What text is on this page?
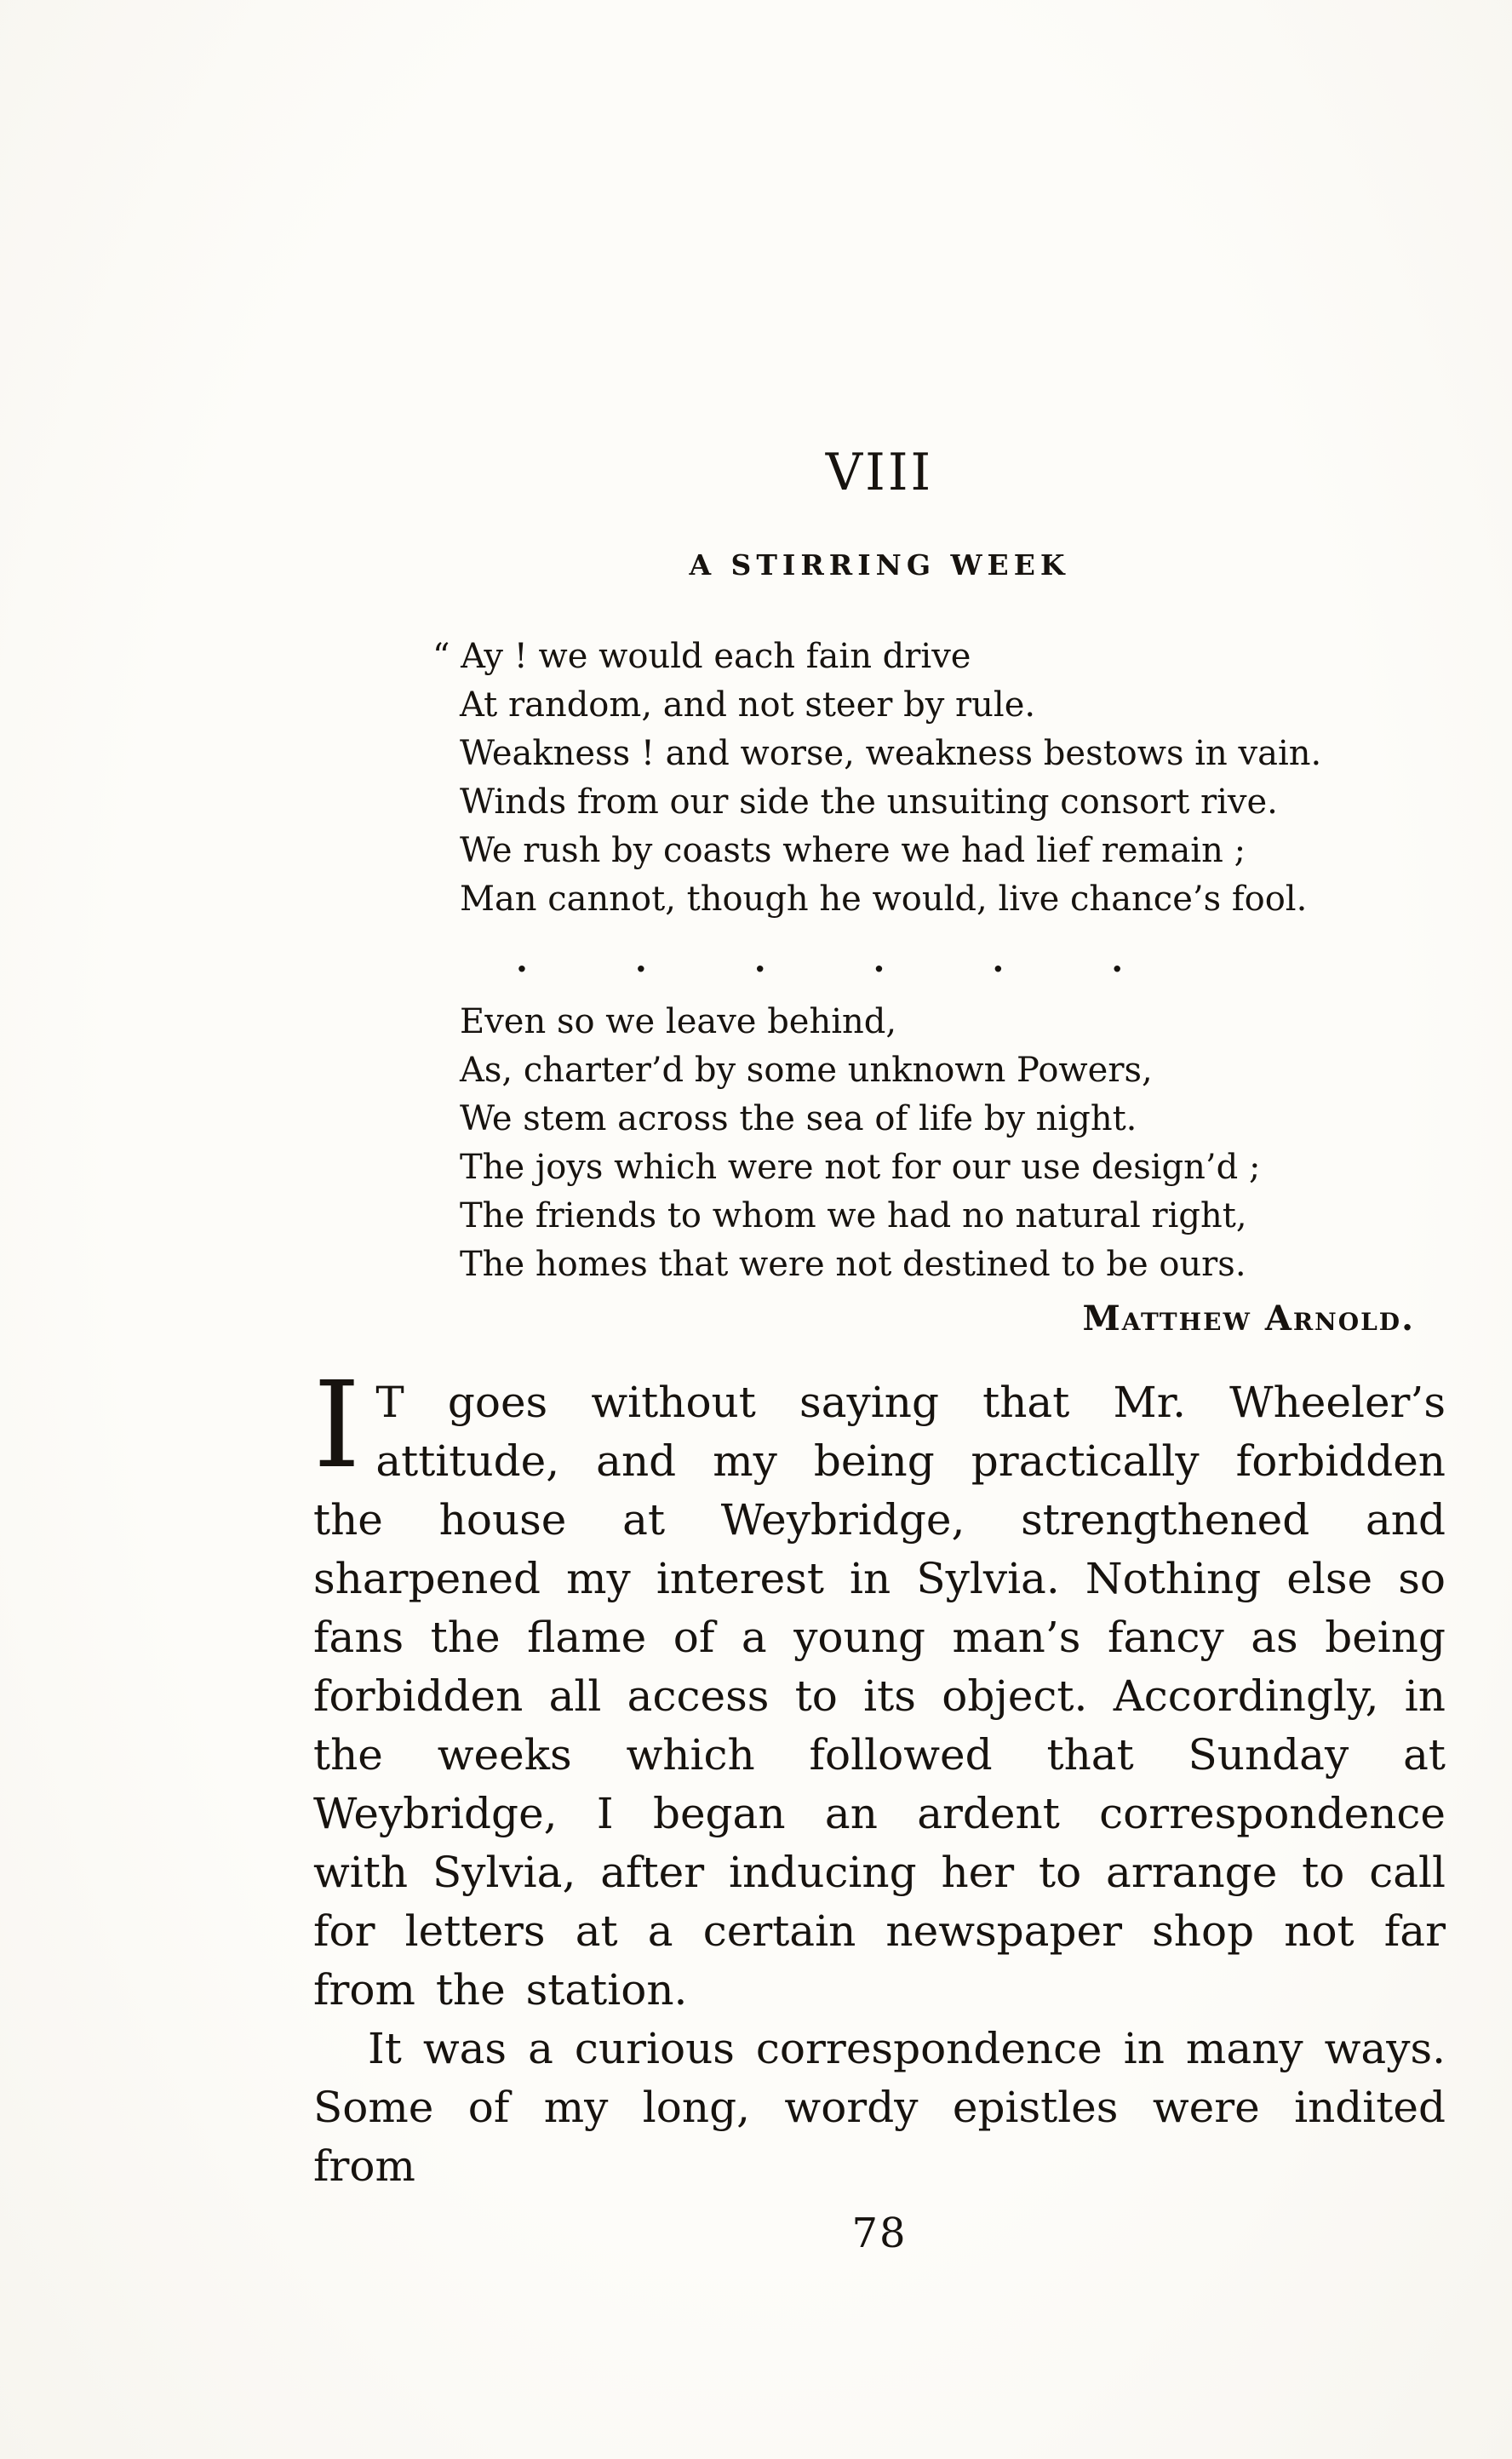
VIII
A STIRRING WEEK
“ Ay ! we would each fain drive
At random, and not steer by rule.
Weakness ! and worse, weakness bestows in vain.
Winds from our side the unsuiting consort rive.
We rush by coasts where we had lief remain ;
Man cannot, though he would, live chance’s fool.
. . . . . .
Even so we leave behind,
As, charter’d by some unknown Powers,
We stem across the sea of life by night.
The joys which were not for our use design’d ;
The friends to whom we had no natural right,
The homes that were not destined to be ours.
Matthew Arnold.

I T goes without saying that Mr. Wheeler’s attitude, and my being practically forbidden the house at Weybridge, strengthened and sharpened my interest in Sylvia. Nothing else so fans the flame of a young man’s fancy as being forbidden all access to its object. Accordingly, in the weeks which followed that Sunday at Weybridge, I began an ardent correspondence with Sylvia, after inducing her to arrange to call for letters at a certain newspaper shop not far from the station.

It was a curious correspondence in many ways. Some of my long, wordy epistles were indited from

78
